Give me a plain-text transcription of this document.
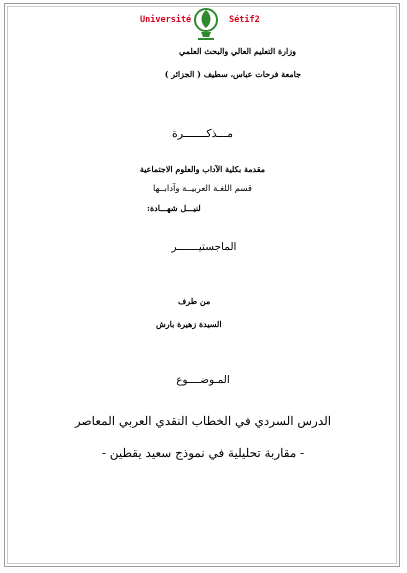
Université	Sétif2
وزارة التعليم العالي والبحث العلمي
جامعة فرحات عباس، سطيف ( الجزائر )
مـــذكـــــــرة
مقدمة بكلية الآداب والعلوم الاجتماعية
قسم اللغـة العربيــة وآدابــها
لنيـــل شهـــادة:
الماجستيـــــــر
من طرف
السيدة زهيرة بارش
المـوضــــوع
الدرس السردي في الخطاب النقدي العربي المعاصر
- مقاربة تحليلية في نموذج سعيد يقطين -
